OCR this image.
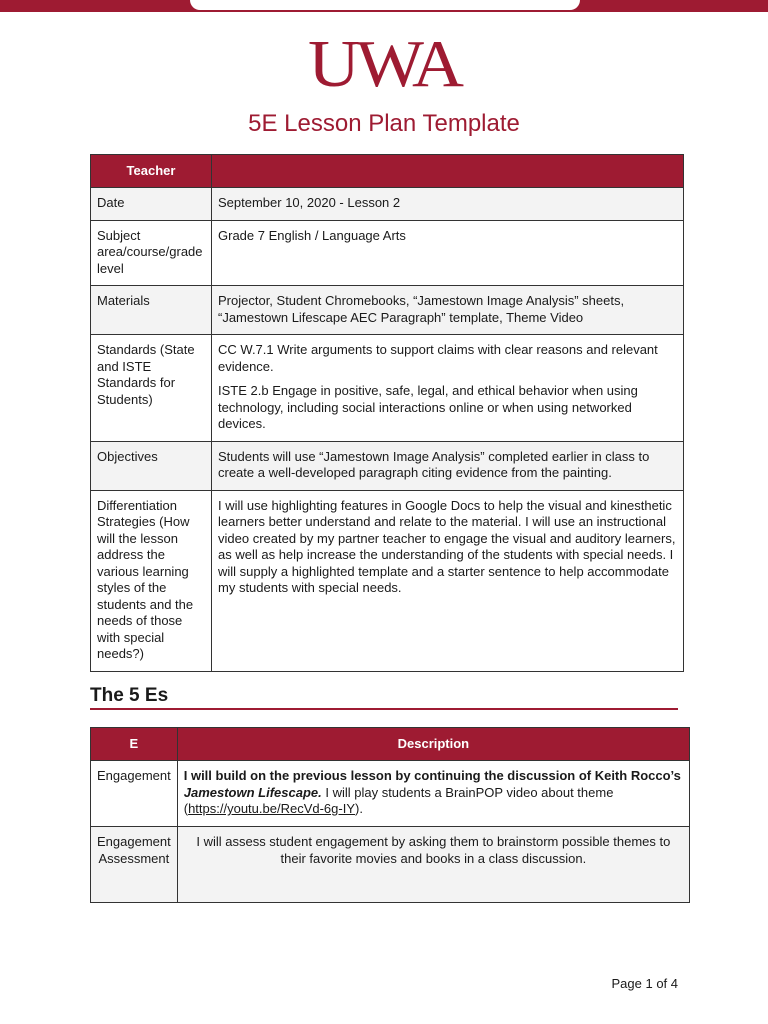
UWA
5E Lesson Plan Template
Teacher	
Date	September 10, 2020 - Lesson 2

Subject area/course/grade level	Grade 7 English / Language Arts

Materials	Projector, Student Chromebooks, “Jamestown Image Analysis” sheets, “Jamestown Lifescape AEC Paragraph” template, Theme Video

Standards (State and ISTE Standards for Students)	CC W.7.1 Write arguments to support claims with clear reasons and relevant evidence.

ISTE 2.b Engage in positive, safe, legal, and ethical behavior when using technology, including social interactions online or when using networked devices.

Objectives	Students will use “Jamestown Image Analysis” completed earlier in class to create a well-developed paragraph citing evidence from the painting.

Differentiation Strategies (How will the lesson address the various learning styles of the students and the needs of those with special needs?)	I will use highlighting features in Google Docs to help the visual and kinesthetic learners better understand and relate to the material. I will use an instructional video created by my partner teacher to engage the visual and auditory learners, as well as help increase the understanding of the students with special needs. I will supply a highlighted template and a starter sentence to help accommodate my students with special needs.

The 5 Es
E	Description
Engagement	I will build on the previous lesson by continuing the discussion of Keith Rocco’s Jamestown Lifescape. I will play students a BrainPOP video about theme (https://youtu.be/RecVd-6g-IY).
Engagement Assessment	I will assess student engagement by asking them to brainstorm possible themes to their favorite movies and books in a class discussion.
Page 1 of 4
